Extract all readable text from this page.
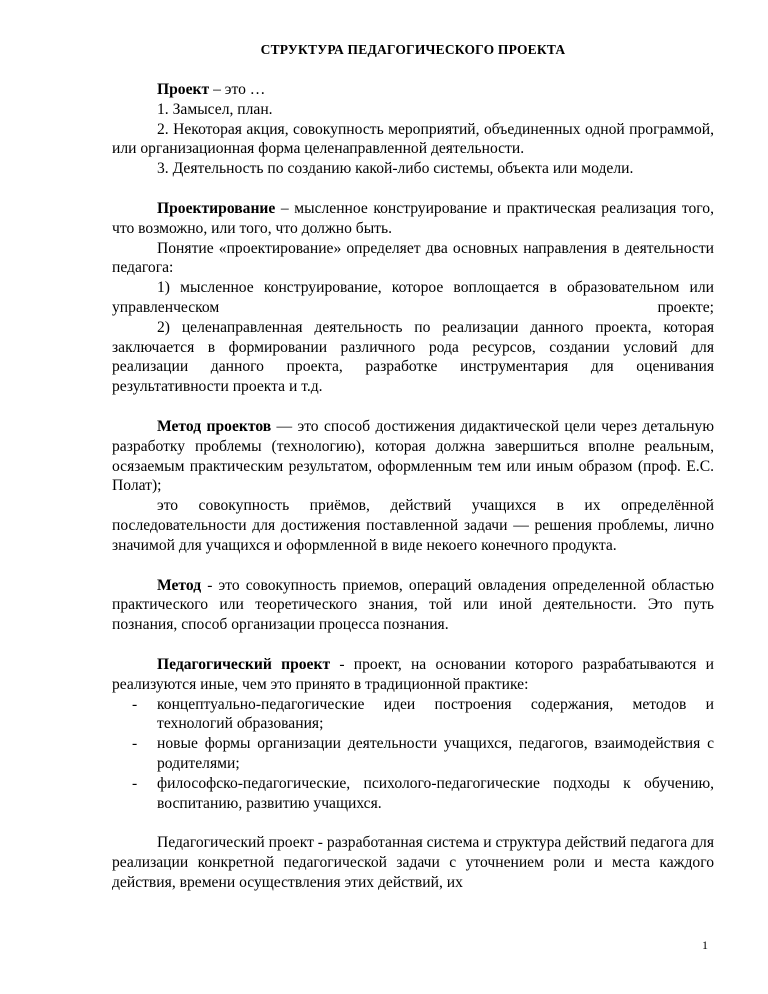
СТРУКТУРА ПЕДАГОГИЧЕСКОГО ПРОЕКТА

Проект – это …

1. Замысел, план.

2. Некоторая акция, совокупность мероприятий, объединенных одной программой, или организационная форма целенаправленной деятельности.

3. Деятельность по созданию какой-либо системы, объекта или модели.

Проектирование – мысленное конструирование и практическая реализация того, что возможно, или того, что должно быть.

Понятие «проектирование» определяет два основных направления в деятельности педагога:

1) мысленное конструирование, которое воплощается в образовательном или управленческом проекте;

2) целенаправленная деятельность по реализации данного проекта, которая заключается в формировании различного рода ресурсов, создании условий для реализации данного проекта, разработке инструментария для оценивания результативности проекта и т.д.

Метод проектов — это способ достижения дидактической цели через детальную разработку проблемы (технологию), которая должна завершиться вполне реальным, осязаемым практическим результатом, оформленным тем или иным образом (проф. Е.С. Полат);

это совокупность приёмов, действий учащихся в их определённой последовательности для достижения поставленной задачи — решения проблемы, лично значимой для учащихся и оформленной в виде некоего конечного продукта.

Метод - это совокупность приемов, операций овладения определенной областью практического или теоретического знания, той или иной деятельности. Это путь познания, способ организации процесса познания.

Педагогический проект - проект, на основании которого разрабатываются и реализуются иные, чем это принято в традиционной практике:

- концептуально-педагогические идеи построения содержания, методов и технологий образования;
- новые формы организации деятельности учащихся, педагогов, взаимодействия с родителями;
- философско-педагогические, психолого-педагогические подходы к обучению, воспитанию, развитию учащихся.

Педагогический проект - разработанная система и структура действий педагога для реализации конкретной педагогической задачи с уточнением роли и места каждого действия, времени осуществления этих действий, их

1
